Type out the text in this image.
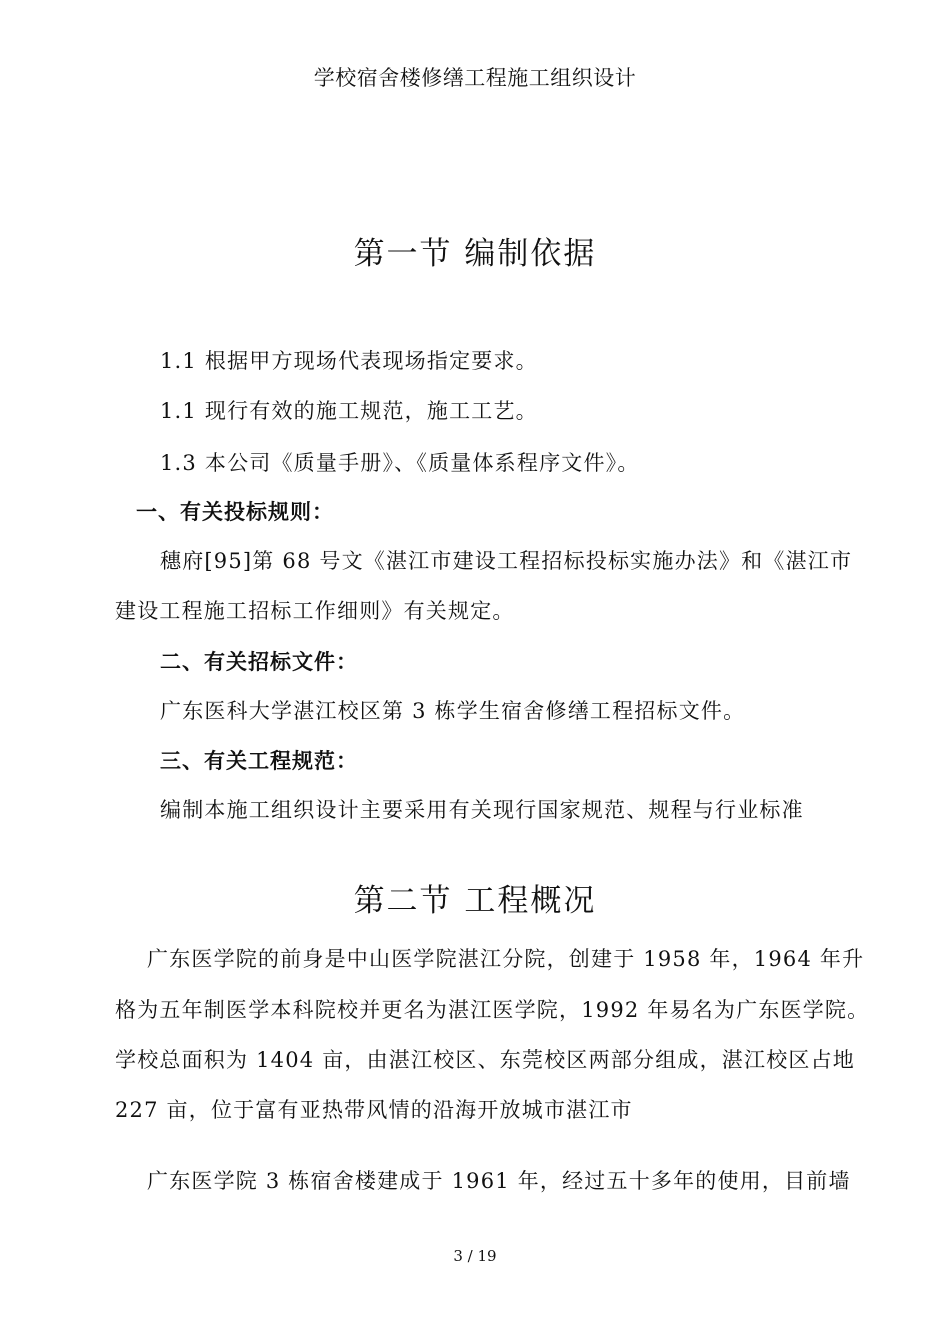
学校宿舍楼修缮工程施工组织设计
第一节 编制依据
1.1 根据甲方现场代表现场指定要求。
1.1 现行有效的施工规范，施工工艺。
1.3 本公司《质量手册》、《质量体系程序文件》。
一、有关投标规则：
穗府[95]第 68 号文《湛江市建设工程招标投标实施办法》和《湛江市
建设工程施工招标工作细则》有关规定。
二、有关招标文件：
广东医科大学湛江校区第 3 栋学生宿舍修缮工程招标文件。
三、有关工程规范：
编制本施工组织设计主要采用有关现行国家规范、规程与行业标准
第二节 工程概况
广东医学院的前身是中山医学院湛江分院，创建于 1958 年，1964 年升
格为五年制医学本科院校并更名为湛江医学院，1992 年易名为广东医学院。
学校总面积为 1404 亩，由湛江校区、东莞校区两部分组成，湛江校区占地
227 亩，位于富有亚热带风情的沿海开放城市湛江市
广东医学院 3 栋宿舍楼建成于 1961 年，经过五十多年的使用，目前墙
3 / 19
